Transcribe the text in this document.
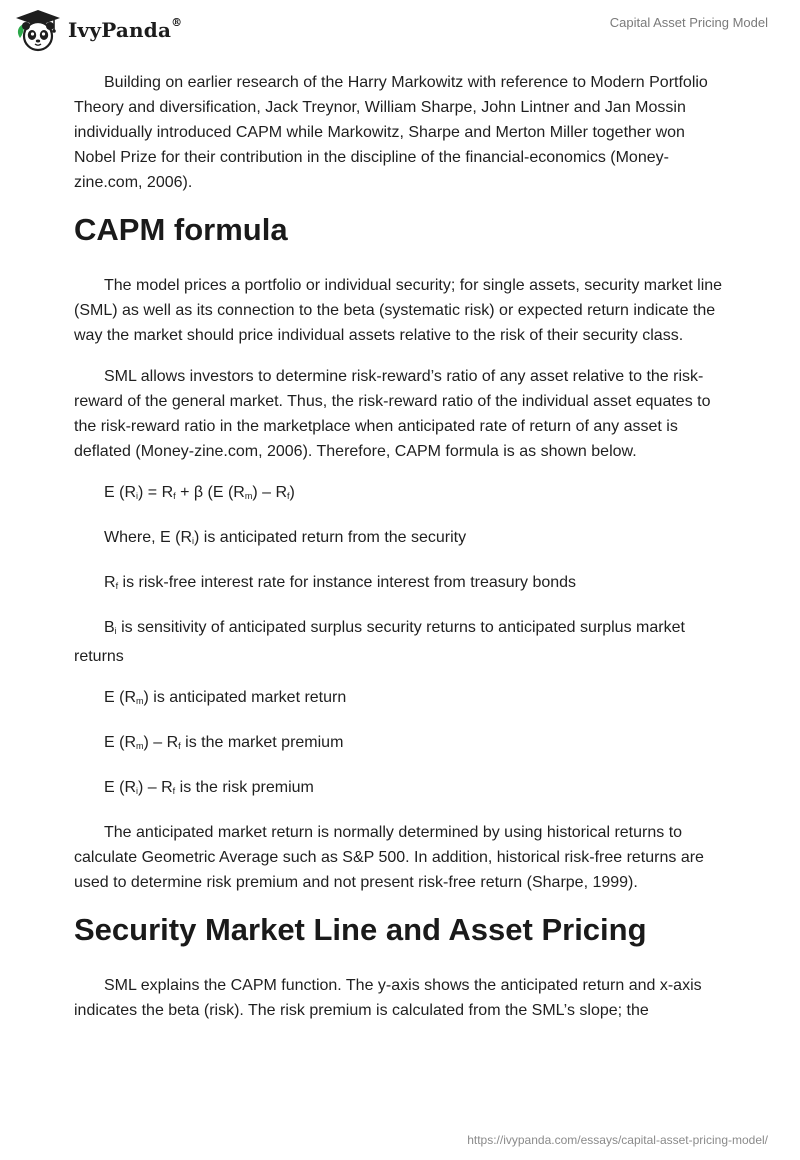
IvyPanda®	Capital Asset Pricing Model

Building on earlier research of the Harry Markowitz with reference to Modern Portfolio Theory and diversification, Jack Treynor, William Sharpe, John Lintner and Jan Mossin individually introduced CAPM while Markowitz, Sharpe and Merton Miller together won Nobel Prize for their contribution in the discipline of the financial-economics (Money-zine.com, 2006).

CAPM formula

The model prices a portfolio or individual security; for single assets, security market line (SML) as well as its connection to the beta (systematic risk) or expected return indicate the way the market should price individual assets relative to the risk of their security class.

SML allows investors to determine risk-reward’s ratio of any asset relative to the risk-reward of the general market. Thus, the risk-reward ratio of the individual asset equates to the risk-reward ratio in the marketplace when anticipated rate of return of any asset is deflated (Money-zine.com, 2006). Therefore, CAPM formula is as shown below.

E $(R_i) = R_f + \beta$ (E $(R_m) - R_f$)

Where, E $(R_i)$ is anticipated return from the security

$R_f$ is risk-free interest rate for instance interest from treasury bonds

$B_i$ is sensitivity of anticipated surplus security returns to anticipated surplus market returns

E $(R_m)$ is anticipated market return

E $(R_m) - R_f$ is the market premium

E $(R_i) - R_f$ is the risk premium

The anticipated market return is normally determined by using historical returns to calculate Geometric Average such as S&P 500. In addition, historical risk-free returns are used to determine risk premium and not present risk-free return (Sharpe, 1999).

Security Market Line and Asset Pricing

SML explains the CAPM function. The y-axis shows the anticipated return and x-axis indicates the beta (risk). The risk premium is calculated from the SML’s slope; the

https://ivypanda.com/essays/capital-asset-pricing-model/
